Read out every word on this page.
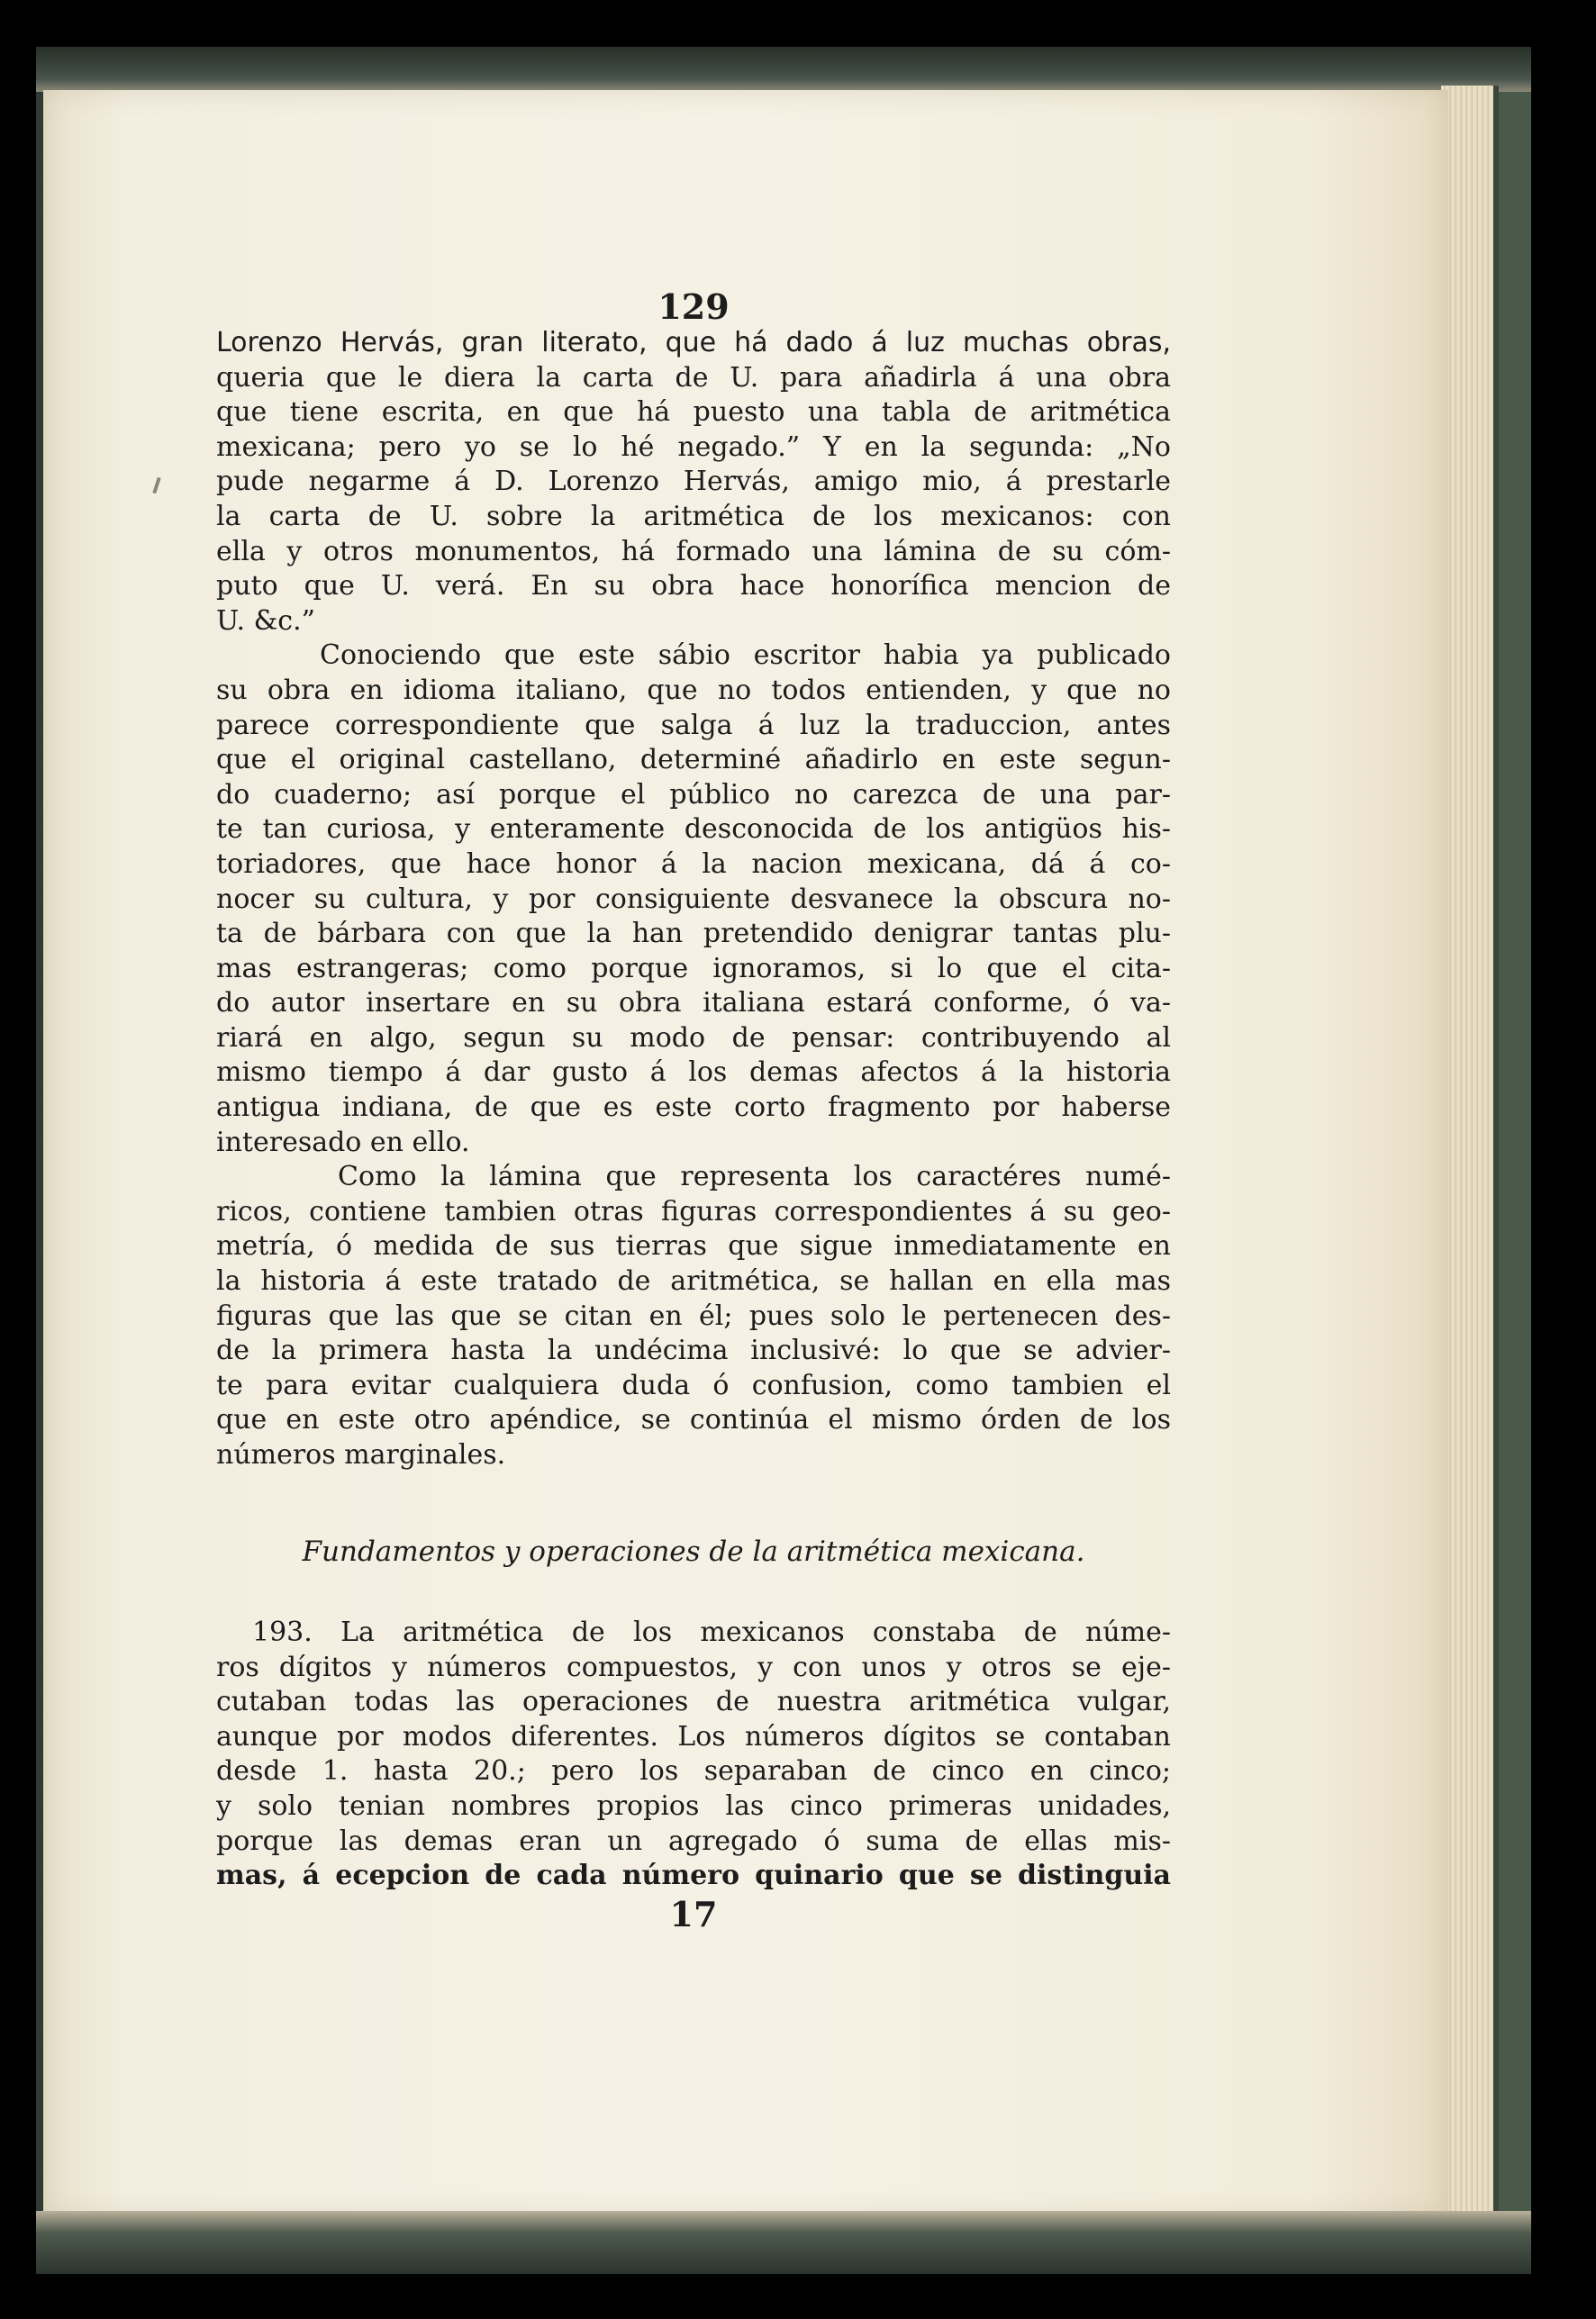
129
Lorenzo Hervás, gran literato, que há dado á luz muchas obras,
queria que le diera la carta de U. para añadirla á una obra
que tiene escrita, en que há puesto una tabla de aritmética
mexicana; pero yo se lo hé negado.” Y en la segunda: „No
pude negarme á D. Lorenzo Hervás, amigo mio, á prestarle
la carta de U. sobre la aritmética de los mexicanos: con
ella y otros monumentos, há formado una lámina de su cóm-
puto que U. verá. En su obra hace honorífica mencion de
U. &c.”
Conociendo que este sábio escritor habia ya publicado
su obra en idioma italiano, que no todos entienden, y que no
parece correspondiente que salga á luz la traduccion, antes
que el original castellano, determiné añadirlo en este segun-
do cuaderno; así porque el público no carezca de una par-
te tan curiosa, y enteramente desconocida de los antigüos his-
toriadores, que hace honor á la nacion mexicana, dá á co-
nocer su cultura, y por consiguiente desvanece la obscura no-
ta de bárbara con que la han pretendido denigrar tantas plu-
mas estrangeras; como porque ignoramos, si lo que el cita-
do autor insertare en su obra italiana estará conforme, ó va-
riará en algo, segun su modo de pensar: contribuyendo al
mismo tiempo á dar gusto á los demas afectos á la historia
antigua indiana, de que es este corto fragmento por haberse
interesado en ello.
Como la lámina que representa los caractéres numé-
ricos, contiene tambien otras figuras correspondientes á su geo-
metría, ó medida de sus tierras que sigue inmediatamente en
la historia á este tratado de aritmética, se hallan en ella mas
figuras que las que se citan en él; pues solo le pertenecen des-
de la primera hasta la undécima inclusivé: lo que se advier-
te para evitar cualquiera duda ó confusion, como tambien el
que en este otro apéndice, se continúa el mismo órden de los
números marginales.
Fundamentos y operaciones de la aritmética mexicana.
193. La aritmética de los mexicanos constaba de núme-
ros dígitos y números compuestos, y con unos y otros se eje-
cutaban todas las operaciones de nuestra aritmética vulgar,
aunque por modos diferentes. Los números dígitos se contaban
desde 1. hasta 20.; pero los separaban de cinco en cinco;
y solo tenian nombres propios las cinco primeras unidades,
porque las demas eran un agregado ó suma de ellas mis-
mas, á ecepcion de cada número quinario que se distinguia
17
